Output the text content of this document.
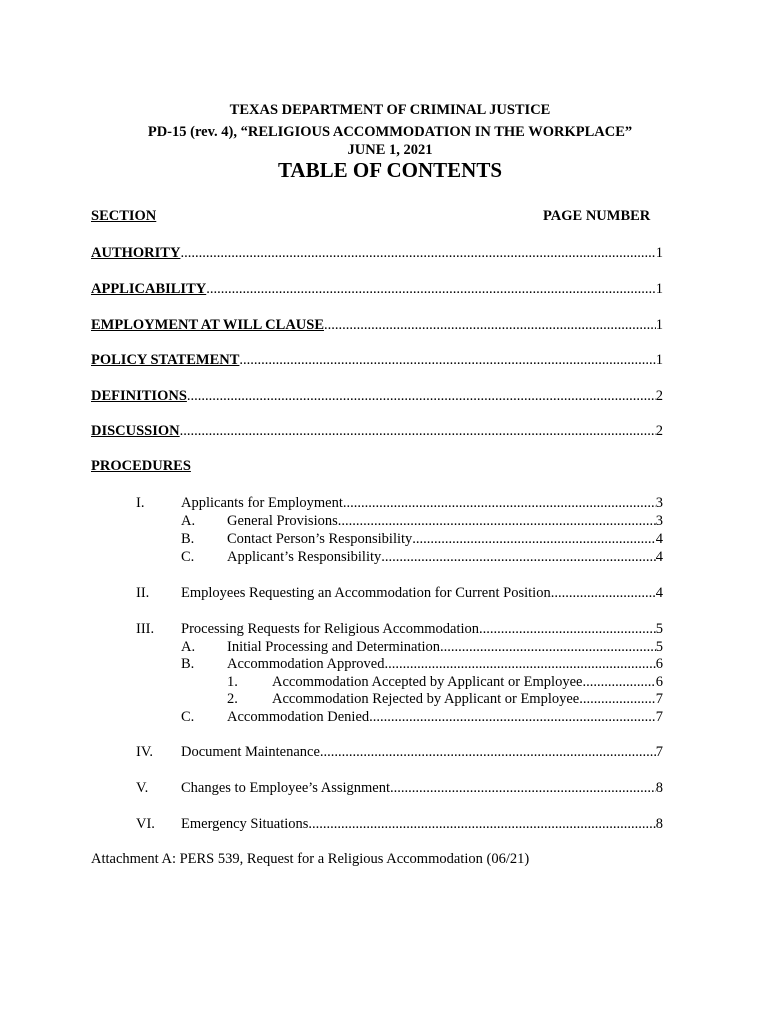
TEXAS DEPARTMENT OF CRIMINAL JUSTICE
PD-15 (rev. 4), “RELIGIOUS ACCOMMODATION IN THE WORKPLACE”
JUNE 1, 2021
TABLE OF CONTENTS
SECTION	PAGE NUMBER
AUTHORITY .....	1
APPLICABILITY .....	1
EMPLOYMENT AT WILL CLAUSE .....	1
POLICY STATEMENT .....	1
DEFINITIONS .....	2
DISCUSSION .....	2
PROCEDURES
I.	Applicants for Employment .....	3
A. General Provisions .....	3
B. Contact Person’s Responsibility .....	4
C. Applicant’s Responsibility .....	4
II. Employees Requesting an Accommodation for Current Position .....	4
III. Processing Requests for Religious Accommodation .....	5
A. Initial Processing and Determination .....	5
B. Accommodation Approved .....	6
1. Accommodation Accepted by Applicant or Employee .....	6
2. Accommodation Rejected by Applicant or Employee .....	7
C. Accommodation Denied .....	7
IV. Document Maintenance .....	7
V. Changes to Employee’s Assignment .....	8
VI. Emergency Situations .....	8
Attachment A: PERS 539, Request for a Religious Accommodation (06/21)
